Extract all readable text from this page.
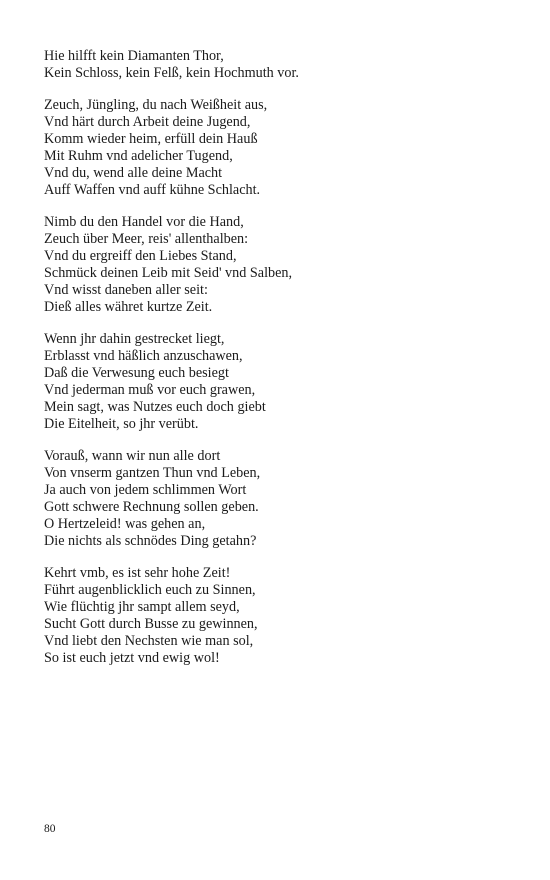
Hie hilfft kein Diamanten Thor,
Kein Schloss, kein Felß, kein Hochmuth vor.
Zeuch, Jüngling, du nach Weißheit aus,
Vnd härt durch Arbeit deine Jugend,
Komm wieder heim, erfüll dein Hauß
Mit Ruhm vnd adelicher Tugend,
Vnd du, wend alle deine Macht
Auff Waffen vnd auff kühne Schlacht.
Nimb du den Handel vor die Hand,
Zeuch über Meer, reis' allenthalben:
Vnd du ergreiff den Liebes Stand,
Schmück deinen Leib mit Seid' vnd Salben,
Vnd wisst daneben aller seit:
Dieß alles währet kurtze Zeit.
Wenn jhr dahin gestrecket liegt,
Erblasst vnd häßlich anzuschawen,
Daß die Verwesung euch besiegt
Vnd jederman muß vor euch grawen,
Mein sagt, was Nutzes euch doch giebt
Die Eitelheit, so jhr verübt.
Vorauß, wann wir nun alle dort
Von vnserm gantzen Thun vnd Leben,
Ja auch von jedem schlimmen Wort
Gott schwere Rechnung sollen geben.
O Hertzeleid! was gehen an,
Die nichts als schnödes Ding getahn?
Kehrt vmb, es ist sehr hohe Zeit!
Führt augenblicklich euch zu Sinnen,
Wie flüchtig jhr sampt allem seyd,
Sucht Gott durch Busse zu gewinnen,
Vnd liebt den Nechsten wie man sol,
So ist euch jetzt vnd ewig wol!
80
